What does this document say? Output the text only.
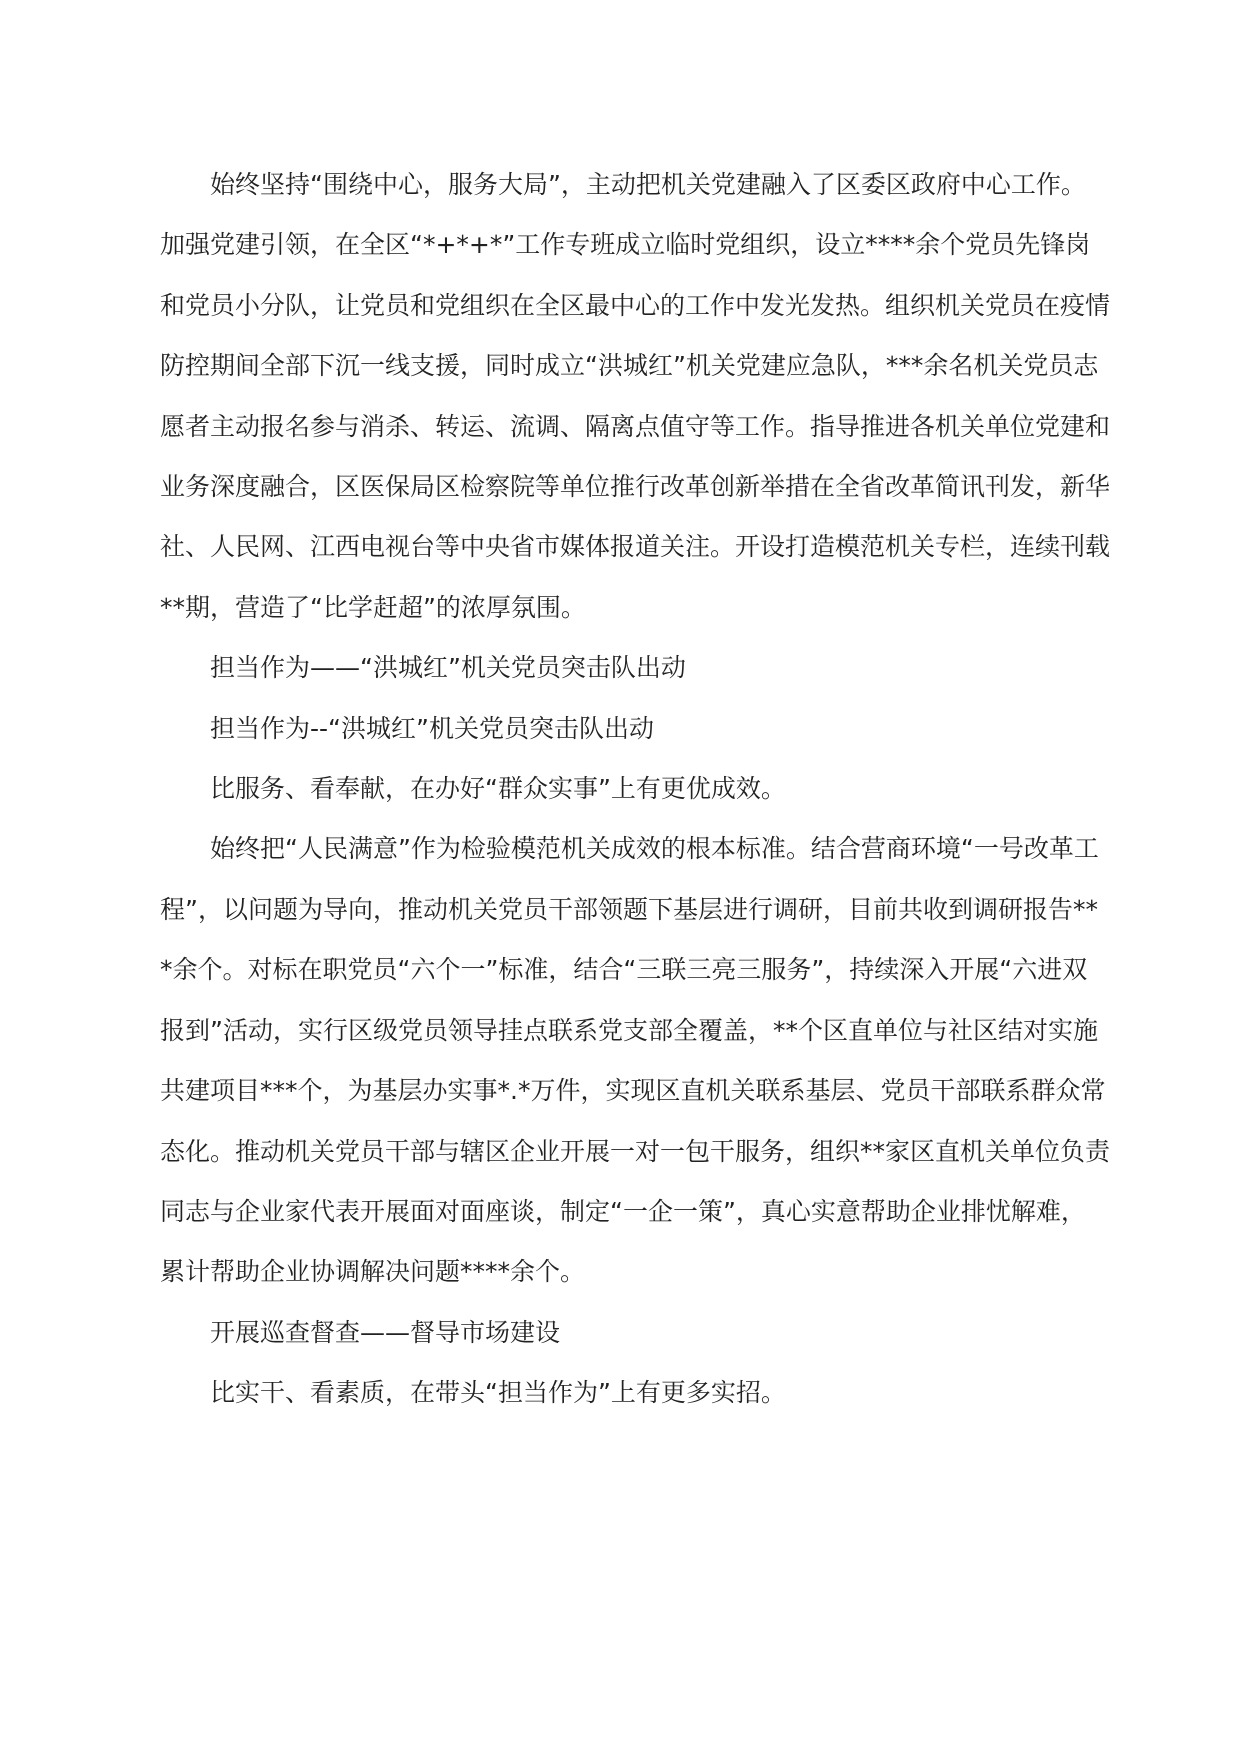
始终坚持“围绕中心，服务大局”，主动把机关党建融入了区委区政府中心工作。加强党建引领，在全区“*+*+*”工作专班成立临时党组织，设立****余个党员先锋岗和党员小分队，让党员和党组织在全区最中心的工作中发光发热。组织机关党员在疫情防控期间全部下沉一线支援，同时成立“洪城红”机关党建应急队，***余名机关党员志愿者主动报名参与消杀、转运、流调、隔离点值守等工作。指导推进各机关单位党建和业务深度融合，区医保局区检察院等单位推行改革创新举措在全省改革简讯刊发，新华社、人民网、江西电视台等中央省市媒体报道关注。开设打造模范机关专栏，连续刊载**期，营造了“比学赶超”的浓厚氛围。

担当作为——“洪城红”机关党员突击队出动

担当作为--“洪城红”机关党员突击队出动

比服务、看奉献，在办好“群众实事”上有更优成效。

始终把“人民满意”作为检验模范机关成效的根本标准。结合营商环境“一号改革工程”，以问题为导向，推动机关党员干部领题下基层进行调研，目前共收到调研报告***余个。对标在职党员“六个一”标准，结合“三联三亮三服务”，持续深入开展“六进双报到”活动，实行区级党员领导挂点联系党支部全覆盖，**个区直单位与社区结对实施共建项目***个，为基层办实事*.*万件，实现区直机关联系基层、党员干部联系群众常态化。推动机关党员干部与辖区企业开展一对一包干服务，组织**家区直机关单位负责同志与企业家代表开展面对面座谈，制定“一企一策”，真心实意帮助企业排忧解难，累计帮助企业协调解决问题****余个。

开展巡查督查——督导市场建设

比实干、看素质，在带头“担当作为”上有更多实招。
